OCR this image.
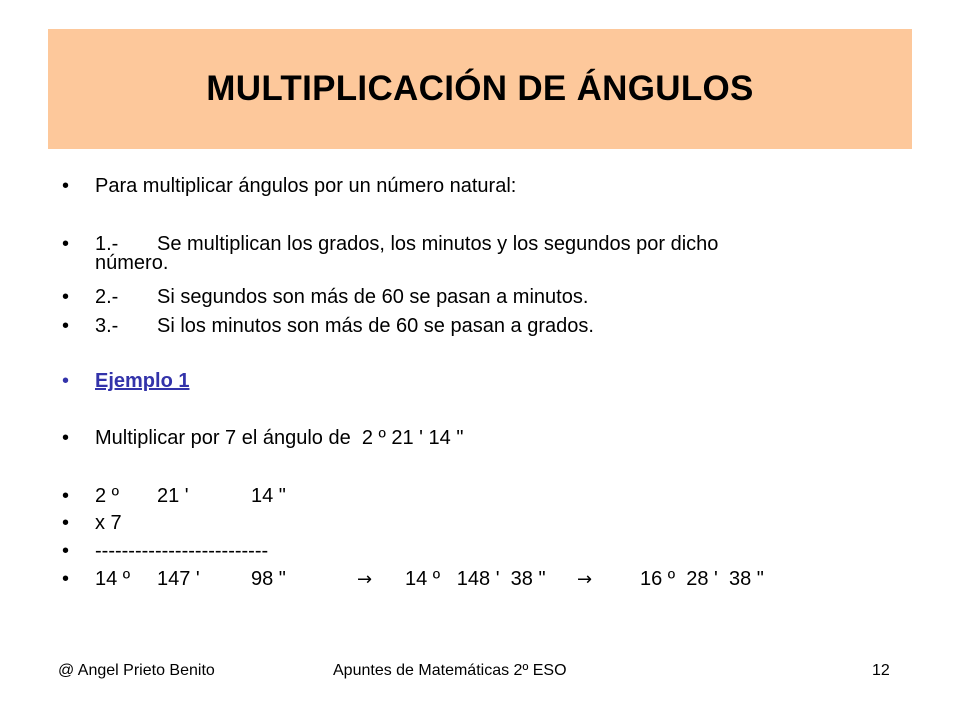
MULTIPLICACIÓN DE ÁNGULOS
• Para multiplicar ángulos por un número natural:
• 1.- Se multiplican los grados, los minutos y los segundos por dicho
número.
• 2.- Si segundos son más de 60 se pasan a minutos.
• 3.- Si los minutos son más de 60 se pasan a grados.
• Ejemplo 1
• Multiplicar por 7 el ángulo de  2 º 21 ' 14 "
• 2 º 21 '	14 "
• x 7
• --------------------------
• 14 º 147 '	98 "	→ 14 º   148 '  38 " → 16 º  28 '  38 "
@ Angel Prieto Benito	Apuntes de Matemáticas 2º ESO	12
